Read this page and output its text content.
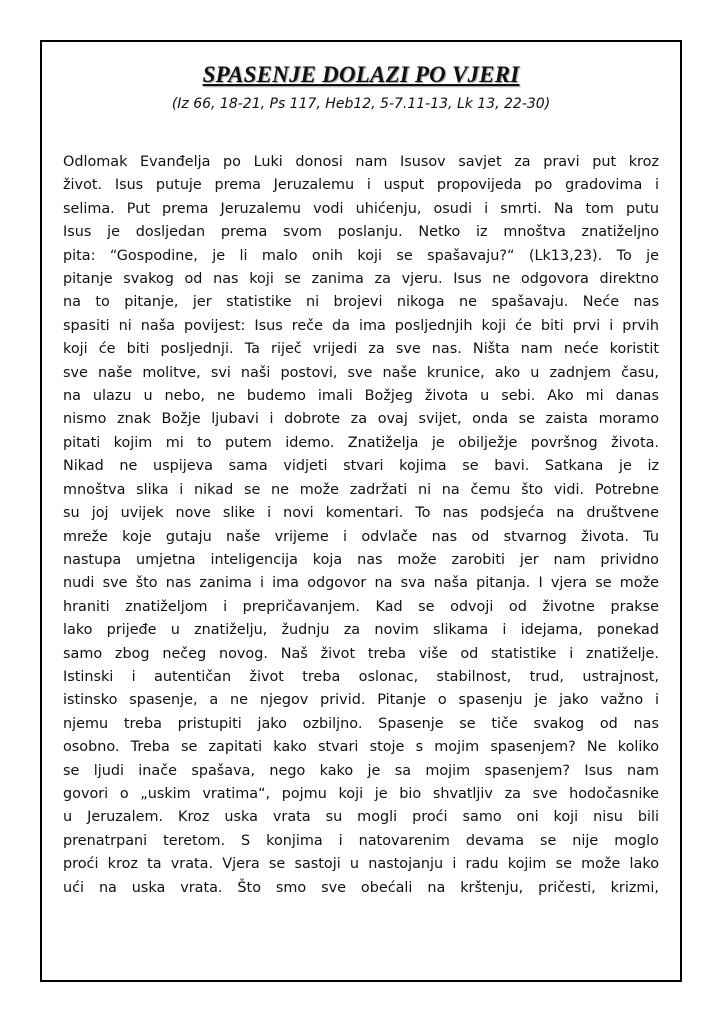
SPASENJE DOLAZI PO VJERI

(Iz 66, 18-21, Ps 117, Heb12, 5-7.11-13, Lk 13, 22-30)

Odlomak Evanđelja po Luki donosi nam Isusov savjet za pravi put kroz
život. Isus putuje prema Jeruzalemu i usput propovijeda po gradovima i
selima. Put prema Jeruzalemu vodi uhićenju, osudi i smrti. Na tom putu
Isus je dosljedan prema svom poslanju. Netko iz mnoštva znatiželjno
pita: “Gospodine, je li malo onih koji se spašavaju?“ (Lk13,23). To je
pitanje svakog od nas koji se zanima za vjeru. Isus ne odgovora direktno
na to pitanje, jer statistike ni brojevi nikoga ne spašavaju. Neće nas
spasiti ni naša povijest: Isus reče da ima posljednjih koji će biti prvi i prvih
koji će biti posljednji. Ta riječ vrijedi za sve nas. Ništa nam neće koristit
sve naše molitve, svi naši postovi, sve naše krunice, ako u zadnjem času,
na ulazu u nebo, ne budemo imali Božjeg života u sebi. Ako mi danas
nismo znak Božje ljubavi i dobrote za ovaj svijet, onda se zaista moramo
pitati kojim mi to putem idemo. Znatiželja je obilježje površnog života.
Nikad ne uspijeva sama vidjeti stvari kojima se bavi. Satkana je iz
mnoštva slika i nikad se ne može zadržati ni na čemu što vidi. Potrebne
su joj uvijek nove slike i novi komentari. To nas podsjeća na društvene
mreže koje gutaju naše vrijeme i odvlače nas od stvarnog života. Tu
nastupa umjetna inteligencija koja nas može zarobiti jer nam prividno
nudi sve što nas zanima i ima odgovor na sva naša pitanja. I vjera se može
hraniti znatiželjom i prepričavanjem. Kad se odvoji od životne prakse
lako prijeđe u znatiželju, žudnju za novim slikama i idejama, ponekad
samo zbog nečeg novog. Naš život treba više od statistike i znatiželje.
Istinski i autentičan život treba oslonac, stabilnost, trud, ustrajnost,
istinsko spasenje, a ne njegov privid. Pitanje o spasenju je jako važno i
njemu treba pristupiti jako ozbiljno. Spasenje se tiče svakog od nas
osobno. Treba se zapitati kako stvari stoje s mojim spasenjem? Ne koliko
se ljudi inače spašava, nego kako je sa mojim spasenjem? Isus nam
govori o „uskim vratima“, pojmu koji je bio shvatljiv za sve hodočasnike
u Jeruzalem. Kroz uska vrata su mogli proći samo oni koji nisu bili
prenatrpani teretom. S konjima i natovarenim devama se nije moglo
proći kroz ta vrata. Vjera se sastoji u nastojanju i radu kojim se može lako
ući na uska vrata. Što smo sve obećali na krštenju, pričesti, krizmi,
